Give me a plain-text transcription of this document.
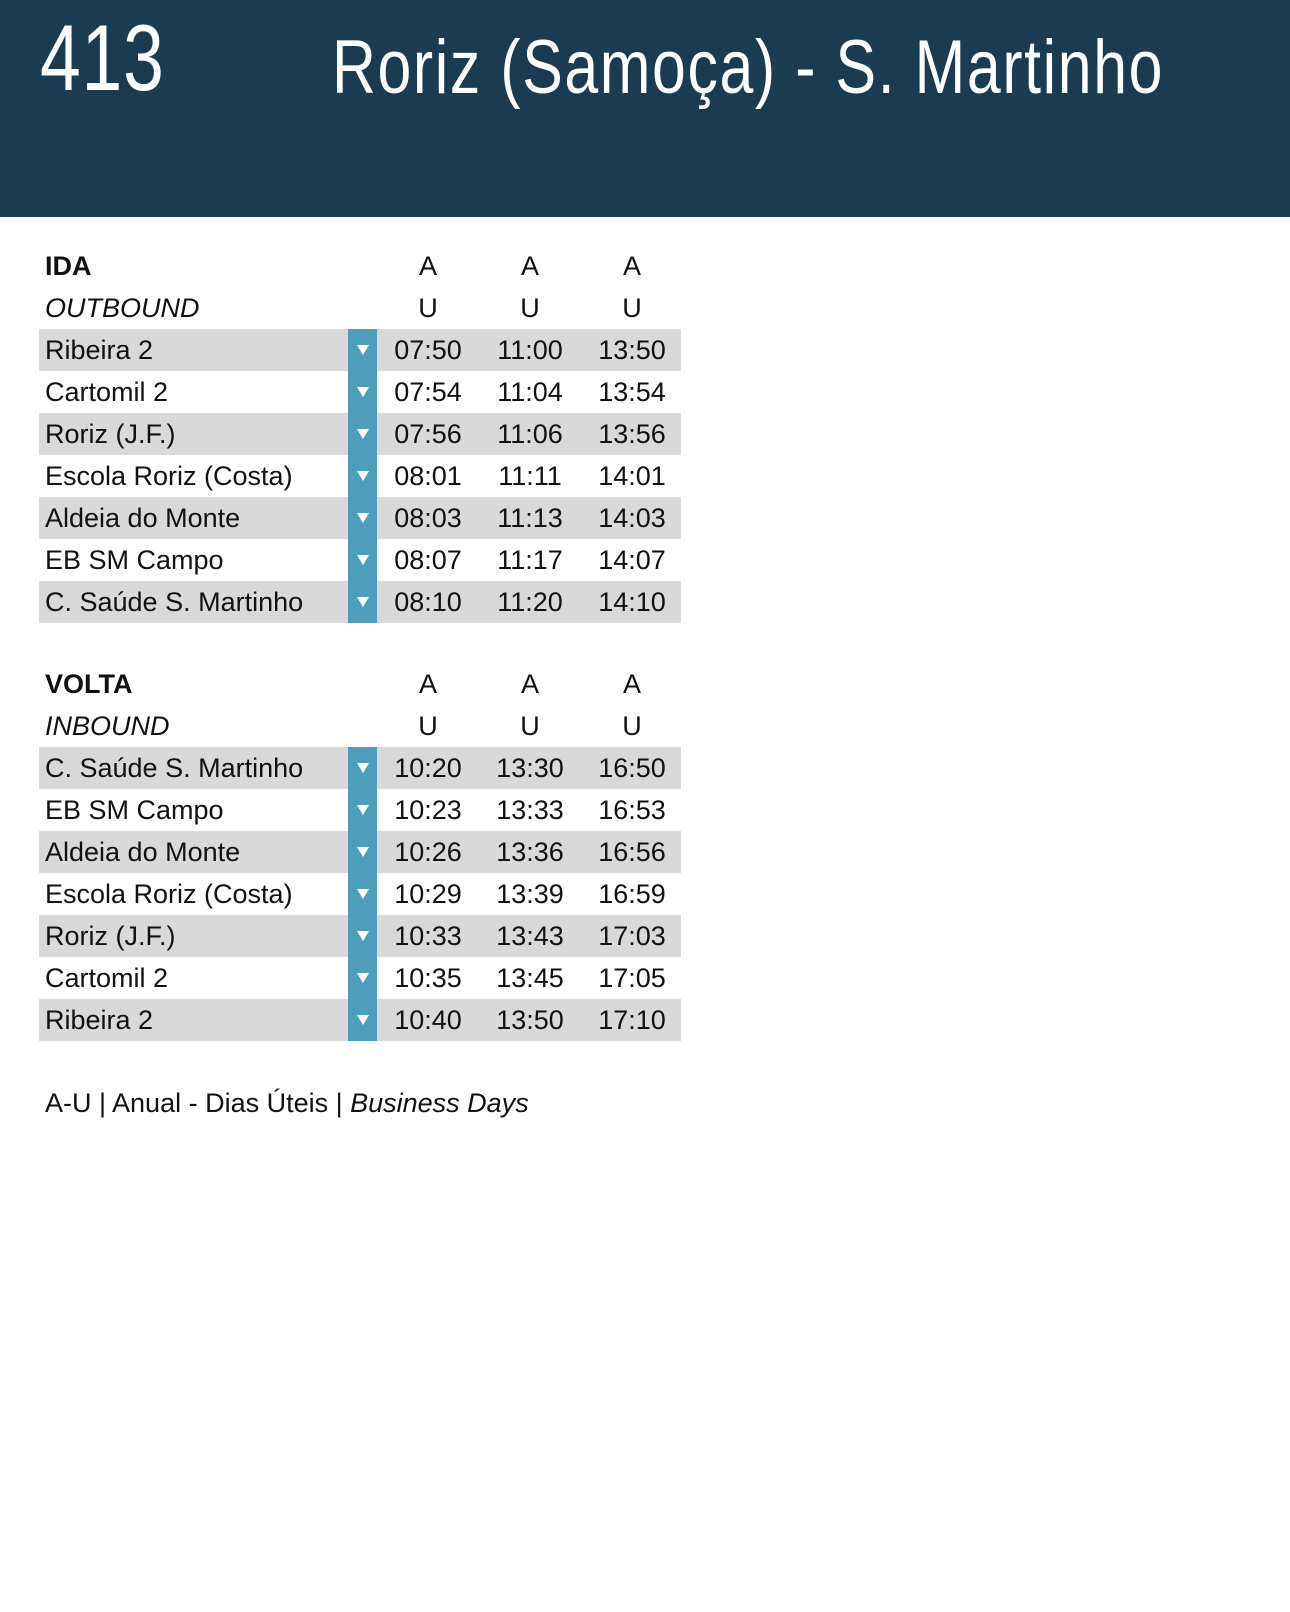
413 Roriz (Samoça) - S. Martinho
IDA	A	A	A
OUTBOUND	U	U	U
Ribeira 2	07:50	11:00	13:50
Cartomil 2	07:54	11:04	13:54
Roriz (J.F.)	07:56	11:06	13:56
Escola Roriz (Costa)	08:01	11:11	14:01
Aldeia do Monte	08:03	11:13	14:03
EB SM Campo	08:07	11:17	14:07
C. Saúde S. Martinho	08:10	11:20	14:10
VOLTA	A	A	A
INBOUND	U	U	U
C. Saúde S. Martinho	10:20	13:30	16:50
EB SM Campo	10:23	13:33	16:53
Aldeia do Monte	10:26	13:36	16:56
Escola Roriz (Costa)	10:29	13:39	16:59
Roriz (J.F.)	10:33	13:43	17:03
Cartomil 2	10:35	13:45	17:05
Ribeira 2	10:40	13:50	17:10
A-U | Anual - Dias Úteis | Business Days
